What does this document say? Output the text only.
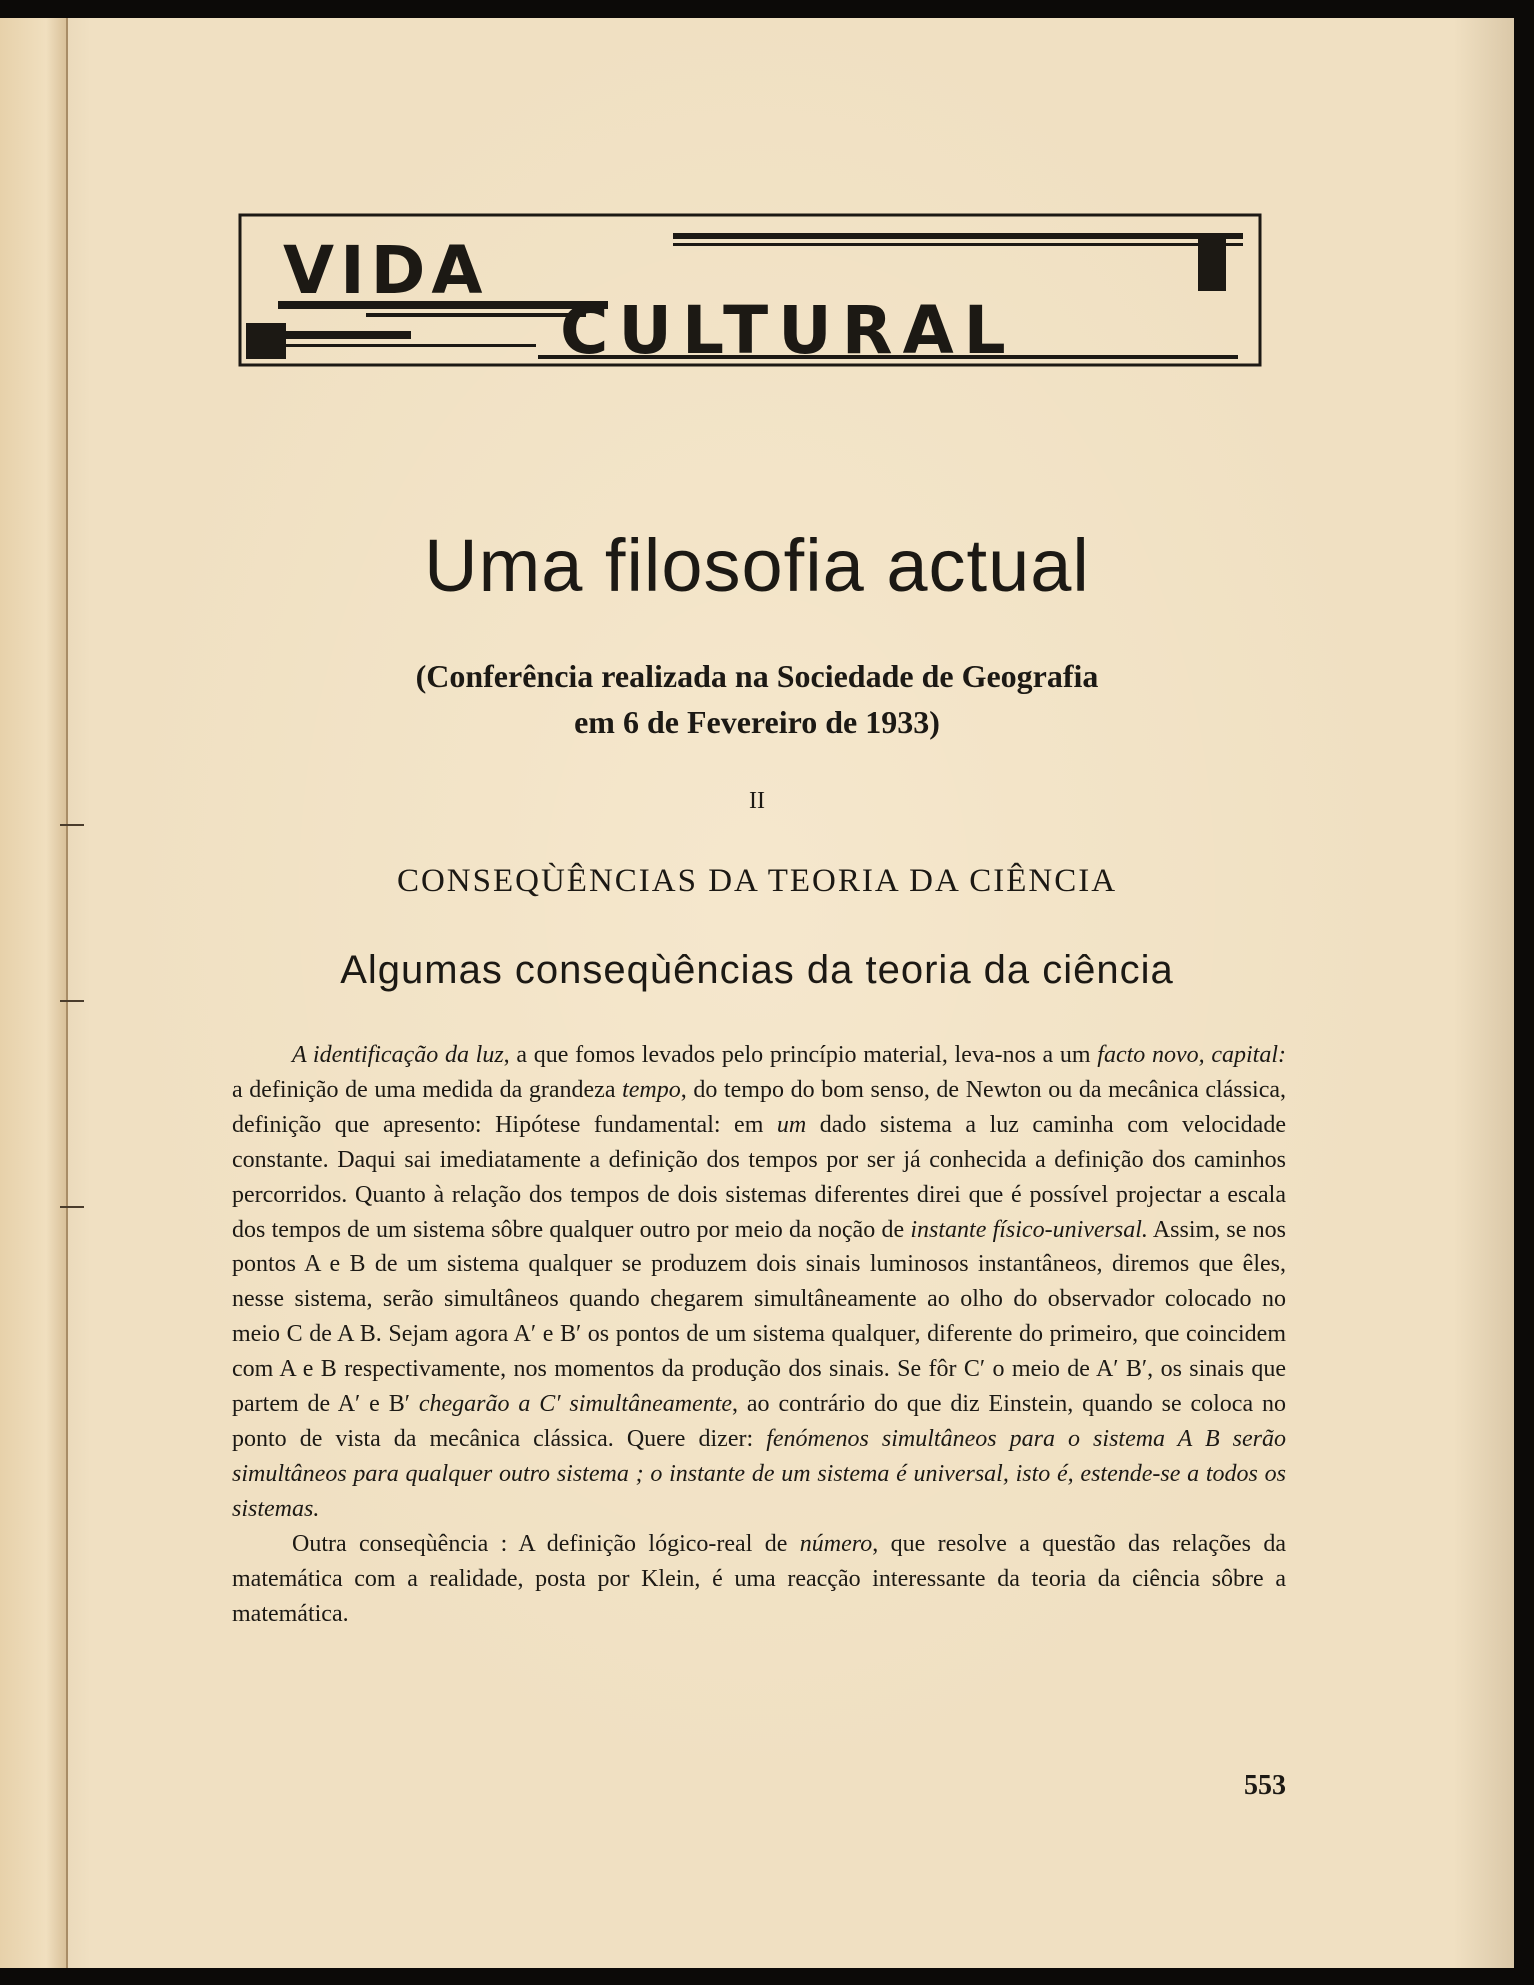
VIDA
CULTURAL
Uma filosofia actual
(Conferência realizada na Sociedade de Geografia
em 6 de Fevereiro de 1933)
II
CONSEQÙÊNCIAS DA TEORIA DA CIÊNCIA
Algumas conseqùências da teoria da ciência

A identificação da luz, a que fomos levados pelo princípio material, leva-nos a um facto novo, capital: a definição de uma medida da grandeza tempo, do tempo do bom senso, de Newton ou da mecânica clássica, definição que apresento: Hipótese fundamental: em um dado sistema a luz caminha com velocidade constante. Daqui sai imediatamente a definição dos tempos por ser já conhecida a definição dos caminhos percorridos. Quanto à relação dos tempos de dois sistemas diferentes direi que é possível projectar a escala dos tempos de um sistema sôbre qualquer outro por meio da noção de instante físico-universal. Assim, se nos pontos A e B de um sistema qualquer se produzem dois sinais luminosos instantâneos, diremos que êles, nesse sistema, serão simultâneos quando chegarem simultâneamente ao olho do observador colocado no meio C de A B. Sejam agora A′ e B′ os pontos de um sistema qualquer, diferente do primeiro, que coincidem com A e B respectivamente, nos momentos da produção dos sinais. Se fôr C′ o meio de A′ B′, os sinais que partem de A′ e B′ chegarão a C′ simultâneamente, ao contrário do que diz Einstein, quando se coloca no ponto de vista da mecânica clássica. Quere dizer: fenómenos simultâneos para o sistema A B serão simultâneos para qualquer outro sistema ; o instante de um sistema é universal, isto é, estende-se a todos os sistemas.

Outra conseqùência : A definição lógico-real de número, que resolve a questão das relações da matemática com a realidade, posta por Klein, é uma reacção interessante da teoria da ciência sôbre a matemática.

553
